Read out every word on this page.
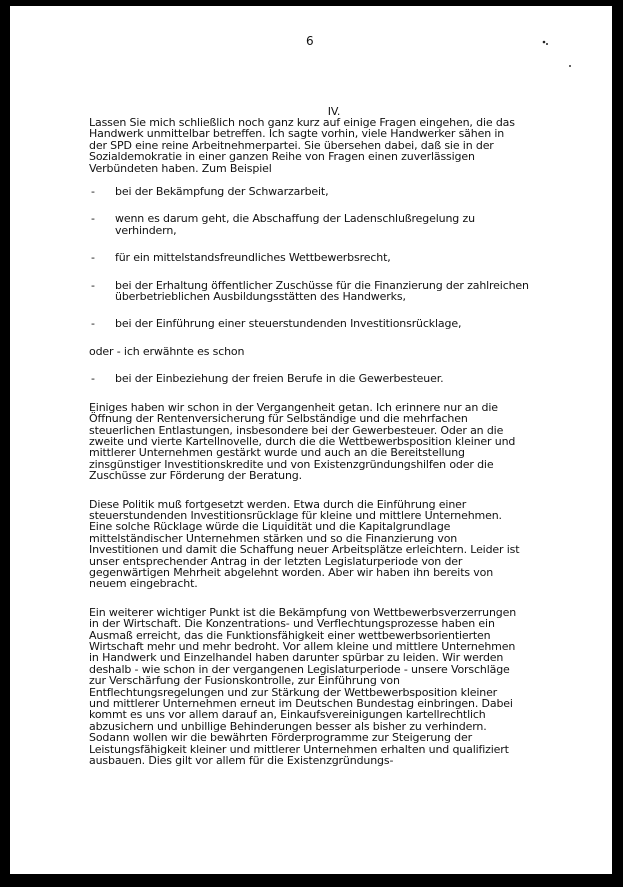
6

IV.

Lassen Sie mich schließlich noch ganz kurz auf einige Fragen eingehen, die das
Handwerk unmittelbar betreffen. Ich sagte vorhin, viele Handwerker sähen in
der SPD eine reine Arbeitnehmerpartei. Sie übersehen dabei, daß sie in der
Sozialdemokratie in einer ganzen Reihe von Fragen einen zuverlässigen
Verbündeten haben. Zum Beispiel

- bei der Bekämpfung der Schwarzarbeit,
- wenn es darum geht, die Abschaffung der Ladenschlußregelung zu
verhindern,
- für ein mittelstandsfreundliches Wettbewerbsrecht,
- bei der Erhaltung öffentlicher Zuschüsse für die Finanzierung der zahlreichen
überbetrieblichen Ausbildungsstätten des Handwerks,
- bei der Einführung einer steuerstundenden Investitionsrücklage,

oder - ich erwähnte es schon

- bei der Einbeziehung der freien Berufe in die Gewerbesteuer.

Einiges haben wir schon in der Vergangenheit getan. Ich erinnere nur an die
Öffnung der Rentenversicherung für Selbständige und die mehrfachen
steuerlichen Entlastungen, insbesondere bei der Gewerbesteuer. Oder an die
zweite und vierte Kartellnovelle, durch die die Wettbewerbsposition kleiner und
mittlerer Unternehmen gestärkt wurde und auch an die Bereitstellung
zinsgünstiger Investitionskredite und von Existenzgründungshilfen oder die
Zuschüsse zur Förderung der Beratung.

Diese Politik muß fortgesetzt werden. Etwa durch die Einführung einer
steuerstundenden Investitionsrücklage für kleine und mittlere Unternehmen.
Eine solche Rücklage würde die Liquidität und die Kapitalgrundlage
mittelständischer Unternehmen stärken und so die Finanzierung von
Investitionen und damit die Schaffung neuer Arbeitsplätze erleichtern. Leider ist
unser entsprechender Antrag in der letzten Legislaturperiode von der
gegenwärtigen Mehrheit abgelehnt worden. Aber wir haben ihn bereits von
neuem eingebracht.

Ein weiterer wichtiger Punkt ist die Bekämpfung von Wettbewerbsverzerrungen
in der Wirtschaft. Die Konzentrations- und Verflechtungsprozesse haben ein
Ausmaß erreicht, das die Funktionsfähigkeit einer wettbewerbsorientierten
Wirtschaft mehr und mehr bedroht. Vor allem kleine und mittlere Unternehmen
in Handwerk und Einzelhandel haben darunter spürbar zu leiden. Wir werden
deshalb - wie schon in der vergangenen Legislaturperiode - unsere Vorschläge
zur Verschärfung der Fusionskontrolle, zur Einführung von
Entflechtungsregelungen und zur Stärkung der Wettbewerbsposition kleiner
und mittlerer Unternehmen erneut im Deutschen Bundestag einbringen. Dabei
kommt es uns vor allem darauf an, Einkaufsvereinigungen kartellrechtlich
abzusichern und unbillige Behinderungen besser als bisher zu verhindern.
Sodann wollen wir die bewährten Förderprogramme zur Steigerung der
Leistungsfähigkeit kleiner und mittlerer Unternehmen erhalten und qualifiziert
ausbauen. Dies gilt vor allem für die Existenzgründungs-
